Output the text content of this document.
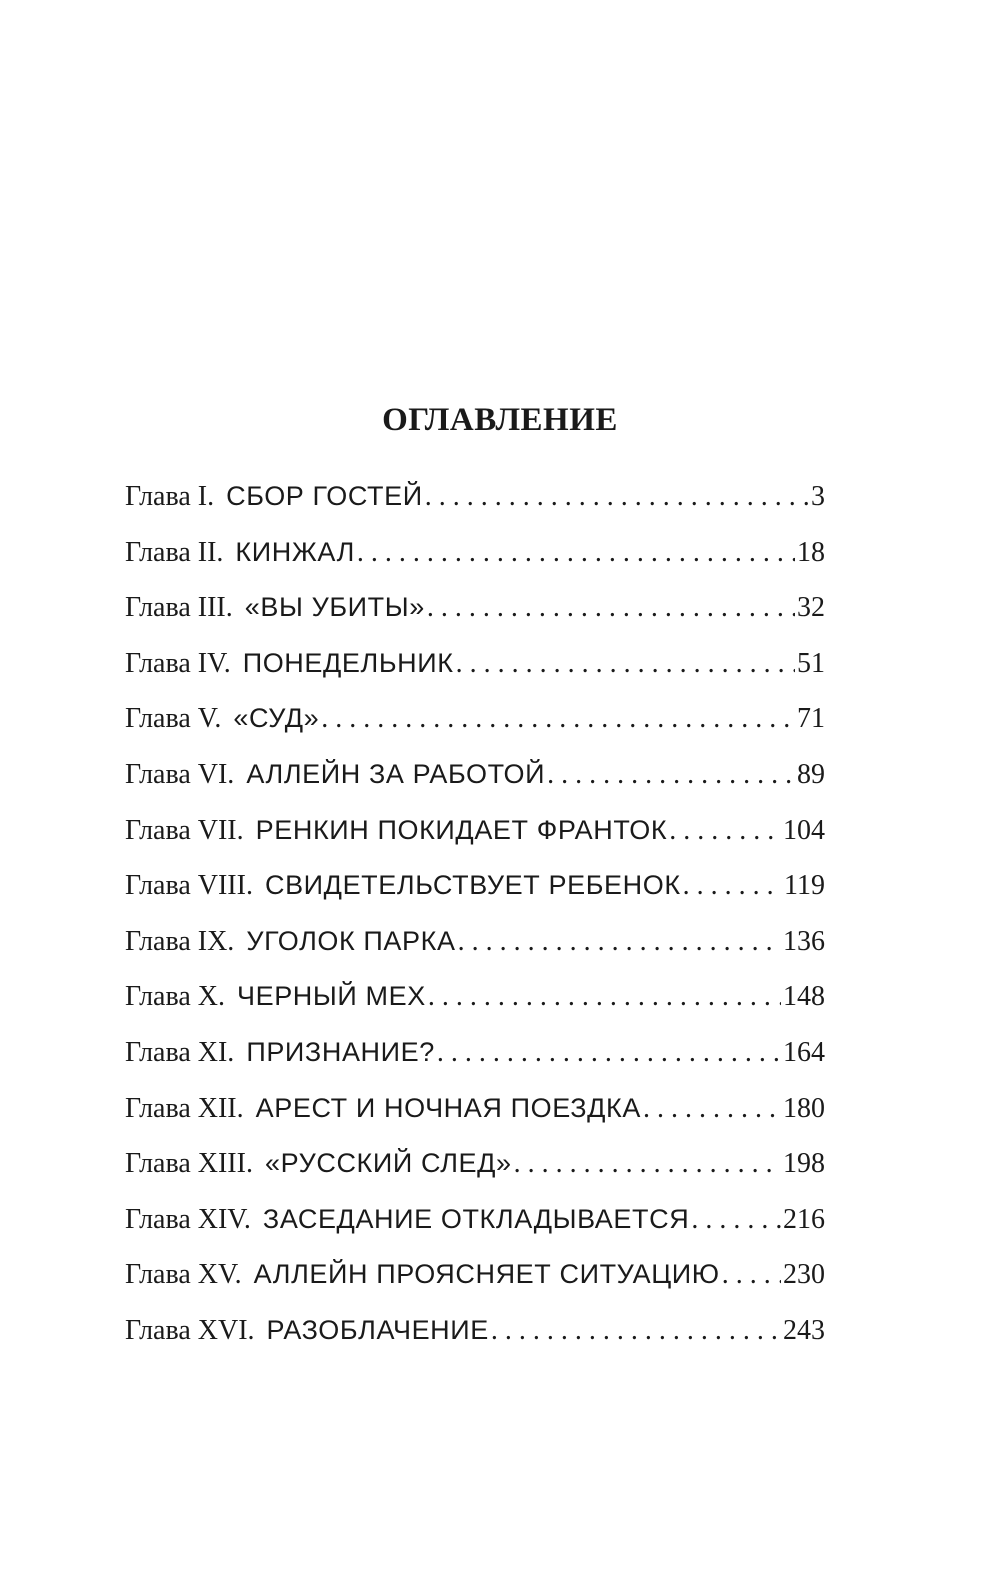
ОГЛАВЛЕНИЕ
Глава I. СБОР ГОСТЕЙ . . .	3
Глава II. КИНЖАЛ . . .	18
Глава III. «ВЫ УБИТЫ» . . .	32
Глава IV. ПОНЕДЕЛЬНИК . . .	51
Глава V. «СУД» . . .	71
Глава VI. АЛЛЕЙН ЗА РАБОТОЙ . . .	89
Глава VII. РЕНКИН ПОКИДАЕТ ФРАНТОК . . .	104
Глава VIII. СВИДЕТЕЛЬСТВУЕТ РЕБЕНОК . . .	119
Глава IX. УГОЛОК ПАРКА . . .	136
Глава X. ЧЕРНЫЙ МЕХ . . .	148
Глава XI. ПРИЗНАНИЕ? . . .	164
Глава XII. АРЕСТ И НОЧНАЯ ПОЕЗДКА . . .	180
Глава XIII. «РУССКИЙ СЛЕД» . . .	198
Глава XIV. ЗАСЕДАНИЕ ОТКЛАДЫВАЕТСЯ . . .	216
Глава XV. АЛЛЕЙН ПРОЯСНЯЕТ СИТУАЦИЮ . . . 230
Глава XVI. РАЗОБЛАЧЕНИЕ . . .	243
